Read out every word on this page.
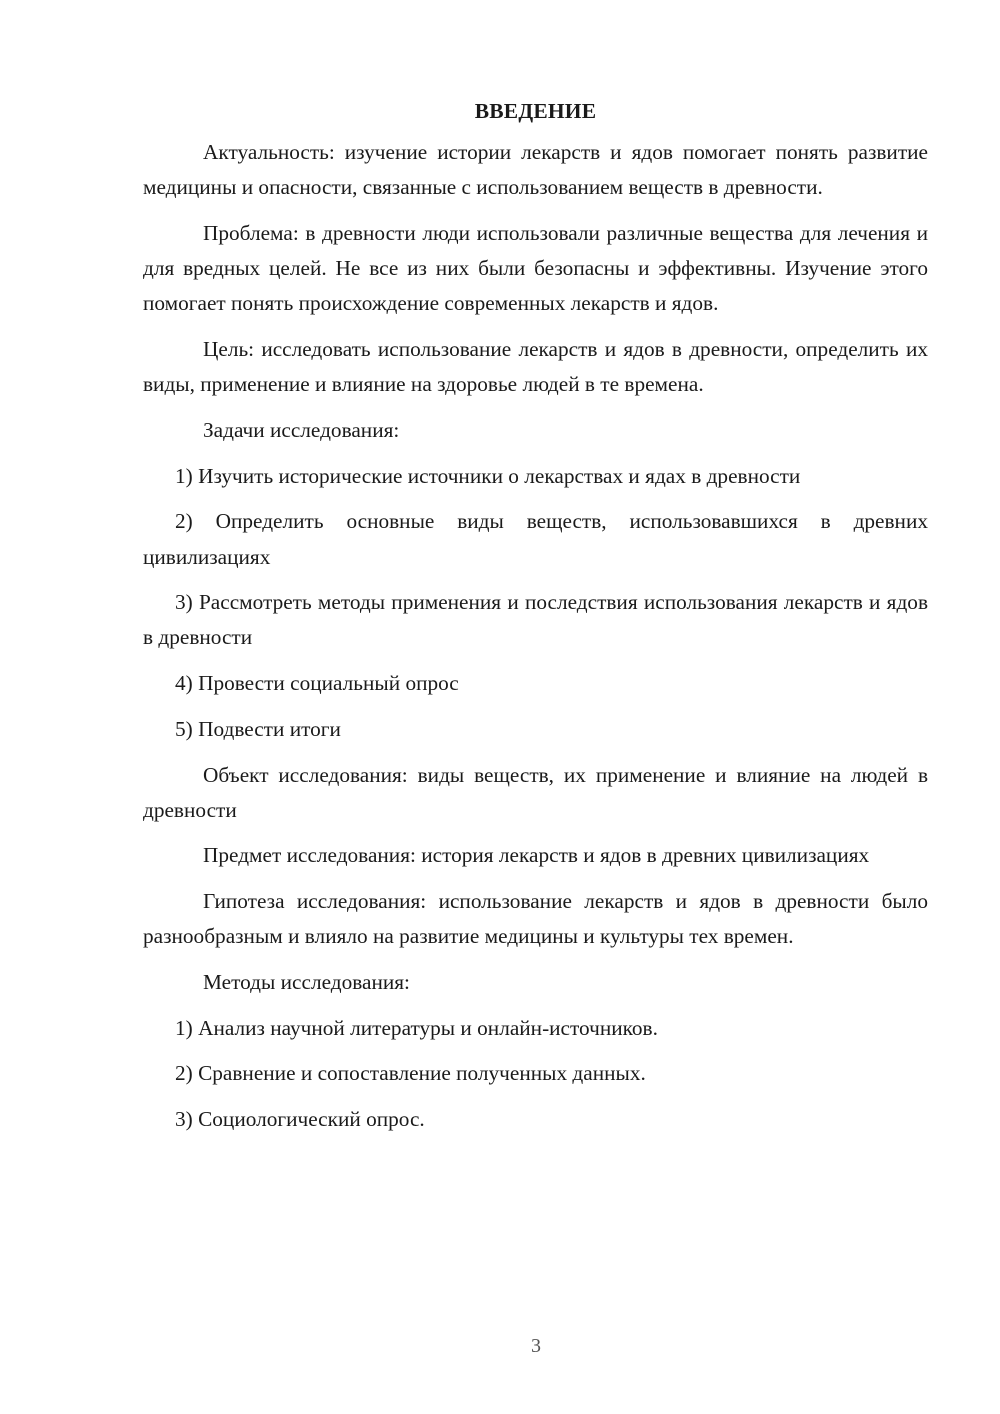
ВВЕДЕНИЕ

Актуальность: изучение истории лекарств и ядов помогает понять развитие медицины и опасности, связанные с использованием веществ в древности.

Проблема: в древности люди использовали различные вещества для лечения и для вредных целей. Не все из них были безопасны и эффективны. Изучение этого помогает понять происхождение современных лекарств и ядов.

Цель: исследовать использование лекарств и ядов в древности, определить их виды, применение и влияние на здоровье людей в те времена.

Задачи исследования:

1) Изучить исторические источники о лекарствах и ядах в древности

2) Определить основные виды веществ, использовавшихся в древних цивилизациях

3) Рассмотреть методы применения и последствия использования лекарств и ядов в древности

4) Провести социальный опрос

5) Подвести итоги

Объект исследования: виды веществ, их применение и влияние на людей в древности

Предмет исследования: история лекарств и ядов в древних цивилизациях

Гипотеза исследования: использование лекарств и ядов в древности было разнообразным и влияло на развитие медицины и культуры тех времен.

Методы исследования:

1) Анализ научной литературы и онлайн-источников.

2) Сравнение и сопоставление полученных данных.

3) Социологический опрос.

3
